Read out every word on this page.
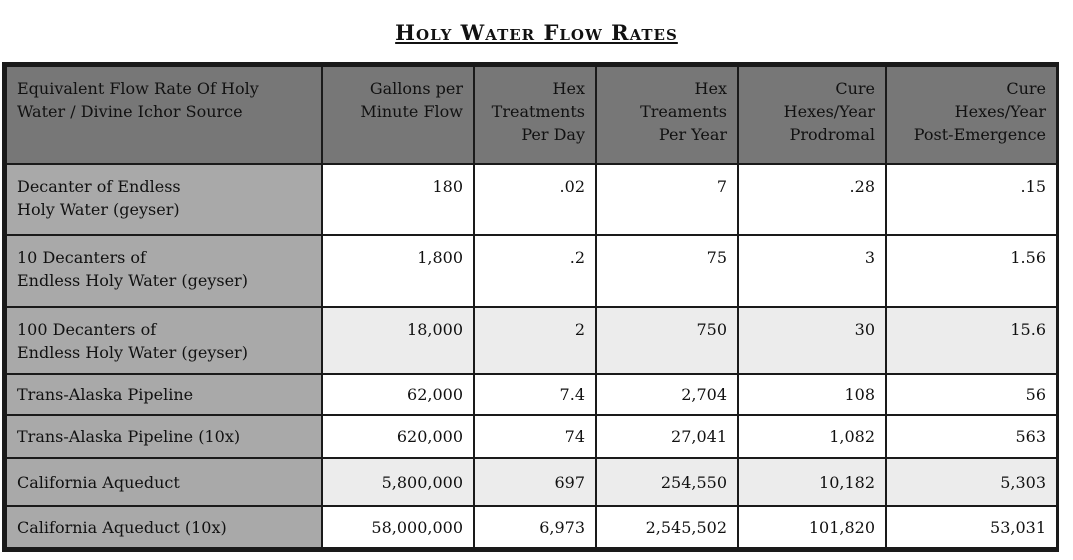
Holy Water Flow Rates
Equivalent Flow Rate Of Holy
Water / Divine Ichor Source	Gallons per
Minute Flow	Hex
Treatments
Per Day	Hex
Treaments
Per Year	Cure
Hexes/Year
Prodromal	Cure
Hexes/Year
Post-Emergence
Decanter of Endless
Holy Water (geyser)	180	.02	7	.28	.15
10 Decanters of
Endless Holy Water (geyser)	1,800	.2	75	3	1.56
100 Decanters of
Endless Holy Water (geyser)	18,000	2	750	30	15.6
Trans-Alaska Pipeline	62,000	7.4	2,704	108	56
Trans-Alaska Pipeline (10x)	620,000	74	27,041	1,082	563
California Aqueduct	5,800,000	697	254,550	10,182	5,303
California Aqueduct (10x)	58,000,000	6,973	2,545,502	101,820	53,031
